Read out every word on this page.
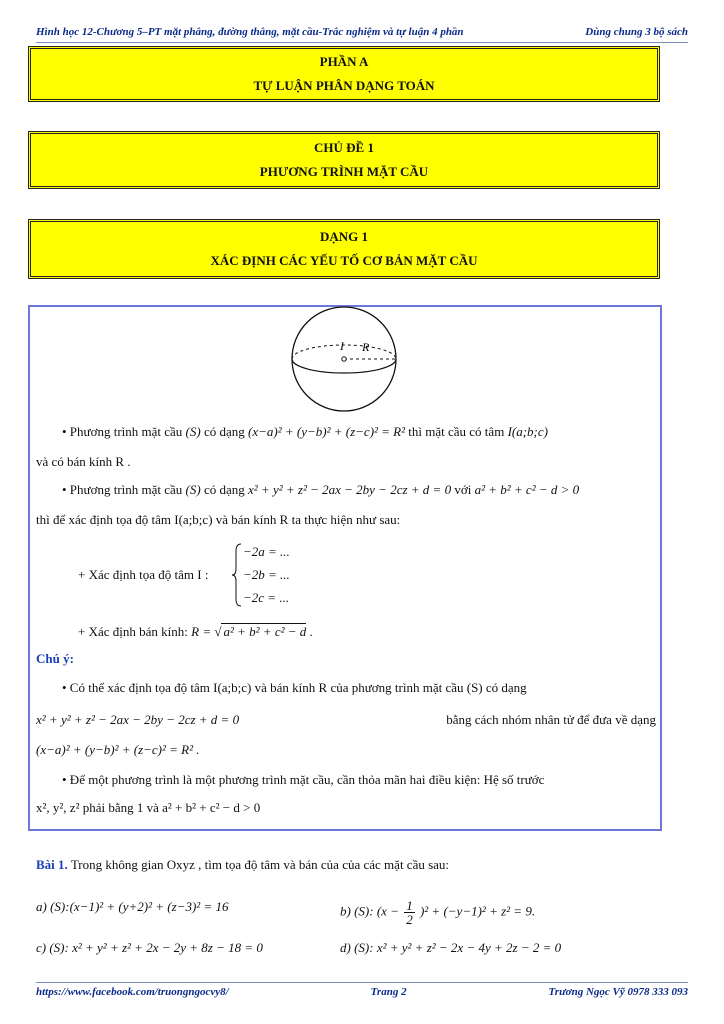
Hình học 12-Chương 5–PT mặt phẳng, đường thẳng, mặt cầu-Trắc nghiệm và tự luận 4 phần	Dùng chung 3 bộ sách
PHẦN A
TỰ LUẬN PHÂN DẠNG TOÁN
CHỦ ĐỀ 1
PHƯƠNG TRÌNH MẶT CẦU
DẠNG 1
XÁC ĐỊNH CÁC YẾU TỐ CƠ BẢN MẶT CẦU
I R
• Phương trình mặt cầu (S) có dạng (x−a)² + (y−b)² + (z−c)² = R² thì mặt cầu có tâm I(a;b;c)
và có bán kính R .
• Phương trình mặt cầu (S) có dạng x² + y² + z² − 2ax − 2by − 2cz + d = 0 với a² + b² + c² − d > 0
thì để xác định tọa độ tâm I(a;b;c) và bán kính R ta thực hiện như sau:
+ Xác định tọa độ tâm I :
−2a = ...
−2b = ...
−2c = ...
+ Xác định bán kính: R = √ a² + b² + c² − d .
Chú ý:
• Có thể xác định tọa độ tâm I(a;b;c) và bán kính R của phương trình mặt cầu (S) có dạng
x² + y² + z² − 2ax − 2by − 2cz + d = 0	bằng cách nhóm nhân tử để đưa về dạng
(x−a)² + (y−b)² + (z−c)² = R² .
• Để một phương trình là một phương trình mặt cầu, cần thỏa mãn hai điều kiện: Hệ số trước
x², y², z² phải bằng 1 và a² + b² + c² − d > 0
Bài 1. Trong không gian Oxyz , tìm tọa độ tâm và bán của của các mặt cầu sau:
a) (S):(x−1)² + (y+2)² + (z−3)² = 16	b) (S): $(x - \frac{1}{2} )^2 + (-y-1)^2 + z^2 = 9$.
c) (S): x² + y² + z² + 2x − 2y + 8z − 18 = 0	d) (S): x² + y² + z² − 2x − 4y + 2z − 2 = 0
https://www.facebook.com/truongngocvy8/	Trang 2	Trương Ngọc Vỹ 0978 333 093
